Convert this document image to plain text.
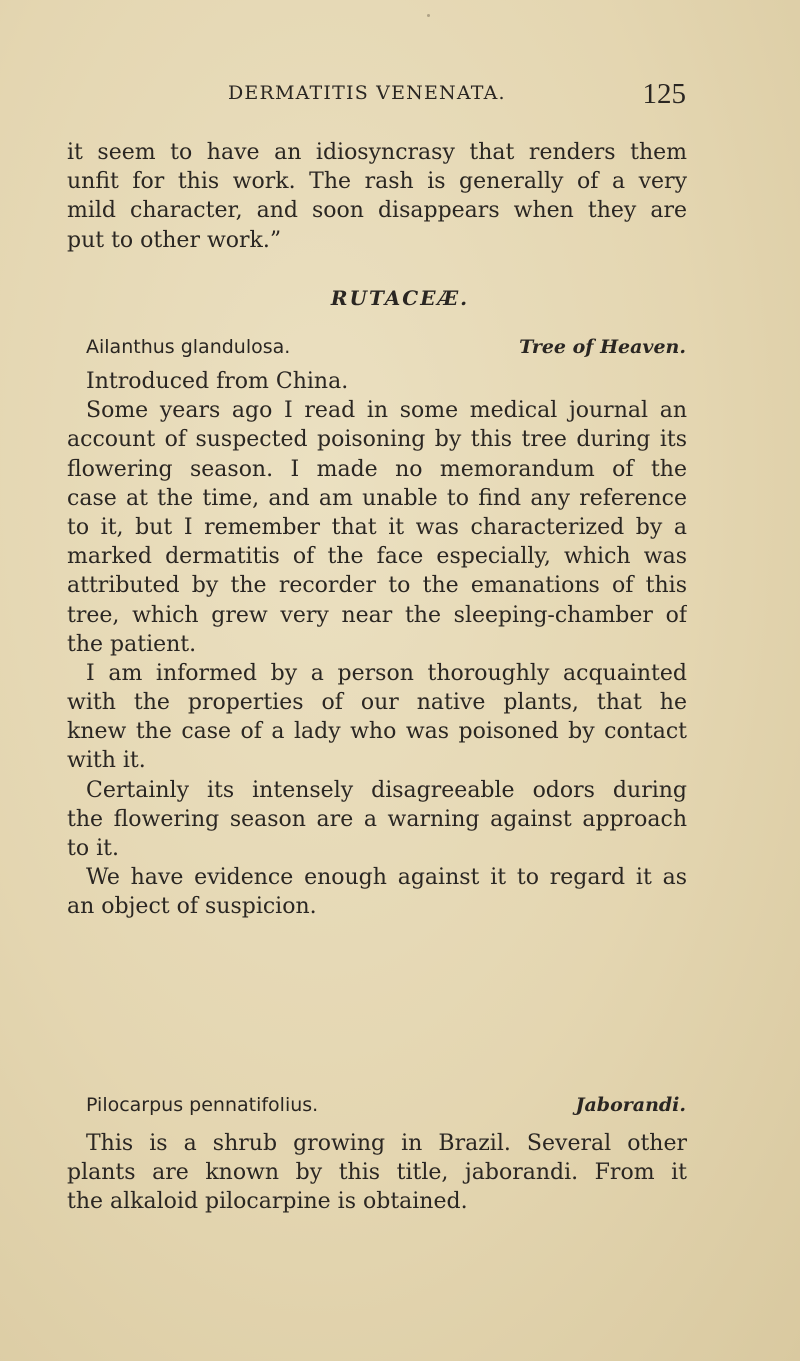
DERMATITIS VENENATA.	125
it seem to have an idiosyncrasy that renders them
unfit for this work. The rash is generally of a very
mild character, and soon disappears when they are
put to other work.”
RUTACEÆ.
Ailanthus glandulosa.	Tree of Heaven.
Introduced from China.
Some years ago I read in some medical journal an
account of suspected poisoning by this tree during its
flowering season. I made no memorandum of the
case at the time, and am unable to find any reference
to it, but I remember that it was characterized by a
marked dermatitis of the face especially, which was
attributed by the recorder to the emanations of this
tree, which grew very near the sleeping-chamber of
the patient.
I am informed by a person thoroughly acquainted
with the properties of our native plants, that he
knew the case of a lady who was poisoned by contact
with it.
Certainly its intensely disagreeable odors during
the flowering season are a warning against approach
to it.
We have evidence enough against it to regard it as
an object of suspicion.
Pilocarpus pennatifolius.	Jaborandi.
This is a shrub growing in Brazil. Several other
plants are known by this title, jaborandi. From it
the alkaloid pilocarpine is obtained.
